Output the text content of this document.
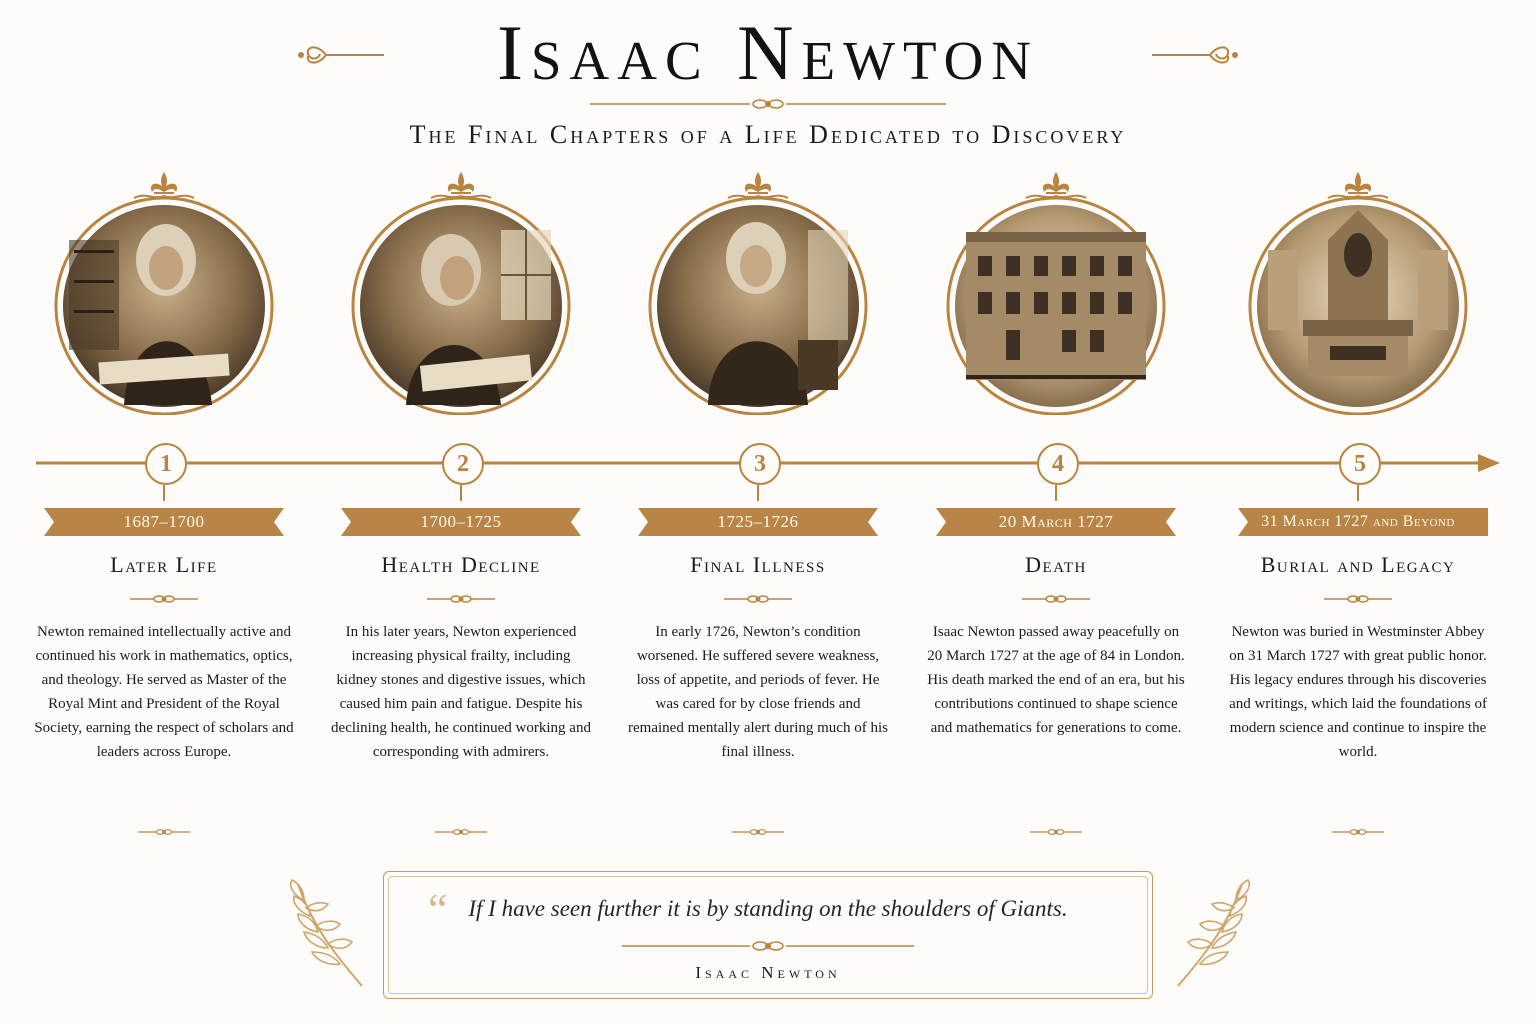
Isaac Newton
The Final Chapters of a Life Dedicated to Discovery
1
1687–1700
Later Life
Newton remained intellectually active and continued his work in mathematics, optics, and theology. He served as Master of the Royal Mint and President of the Royal Society, earning the respect of scholars and leaders across Europe.
2
1700–1725
Health Decline
In his later years, Newton experienced increasing physical frailty, including kidney stones and digestive issues, which caused him pain and fatigue. Despite his declining health, he continued working and corresponding with admirers.
3
1725–1726
Final Illness
In early 1726, Newton’s condition worsened. He suffered severe weakness, loss of appetite, and periods of fever. He was cared for by close friends and remained mentally alert during much of his final illness.
4
20 March 1727
Death
Isaac Newton passed away peacefully on 20 March 1727 at the age of 84 in London. His death marked the end of an era, but his contributions continued to shape science and mathematics for generations to come.
5
31 March 1727 and Beyond
Burial and Legacy
Newton was buried in Westminster Abbey on 31 March 1727 with great public honor. His legacy endures through his discoveries and writings, which laid the foundations of modern science and continue to inspire the world.
“ If I have seen further it is by standing on the shoulders of Giants.
Isaac Newton
